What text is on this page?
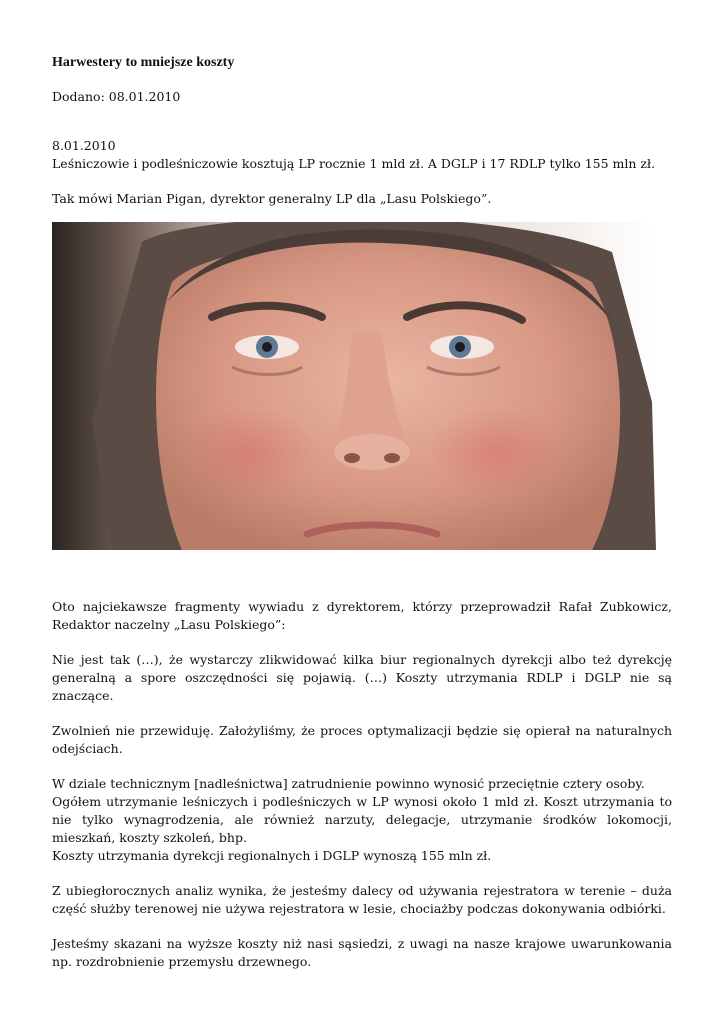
Harwestery to mniejsze koszty
Dodano: 08.01.2010
8.01.2010
Leśniczowie i podleśniczowie kosztują LP rocznie 1 mld zł. A DGLP i 17 RDLP tylko 155 mln zł.
Tak mówi Marian Pigan, dyrektor generalny LP dla „Lasu Polskiego”.

Oto najciekawsze fragmenty wywiadu z dyrektorem, którzy przeprowadził Rafał Zubkowicz, Redaktor naczelny „Lasu Polskiego”:

Nie jest tak (…), że wystarczy zlikwidować kilka biur regionalnych dyrekcji albo też dyrekcję generalną a spore oszczędności się pojawią. (…) Koszty utrzymania RDLP i DGLP nie są znaczące.

Zwolnień nie przewiduję. Założyliśmy, że proces optymalizacji będzie się opierał na naturalnych odejściach.

W dziale technicznym [nadleśnictwa] zatrudnienie powinno wynosić przeciętnie cztery osoby.

Ogółem utrzymanie leśniczych i podleśniczych w LP wynosi około 1 mld zł. Koszt utrzymania to nie tylko wynagrodzenia, ale również narzuty, delegacje, utrzymanie środków lokomocji, mieszkań, koszty szkoleń, bhp.

Koszty utrzymania dyrekcji regionalnych i DGLP wynoszą 155 mln zł.

Z ubiegłorocznych analiz wynika, że jesteśmy dalecy od używania rejestratora w terenie – duża część służby terenowej nie używa rejestratora w lesie, chociażby podczas dokonywania odbiórki.

Jesteśmy skazani na wyższe koszty niż nasi sąsiedzi, z uwagi na nasze krajowe uwarunkowania np. rozdrobnienie przemysłu drzewnego.
